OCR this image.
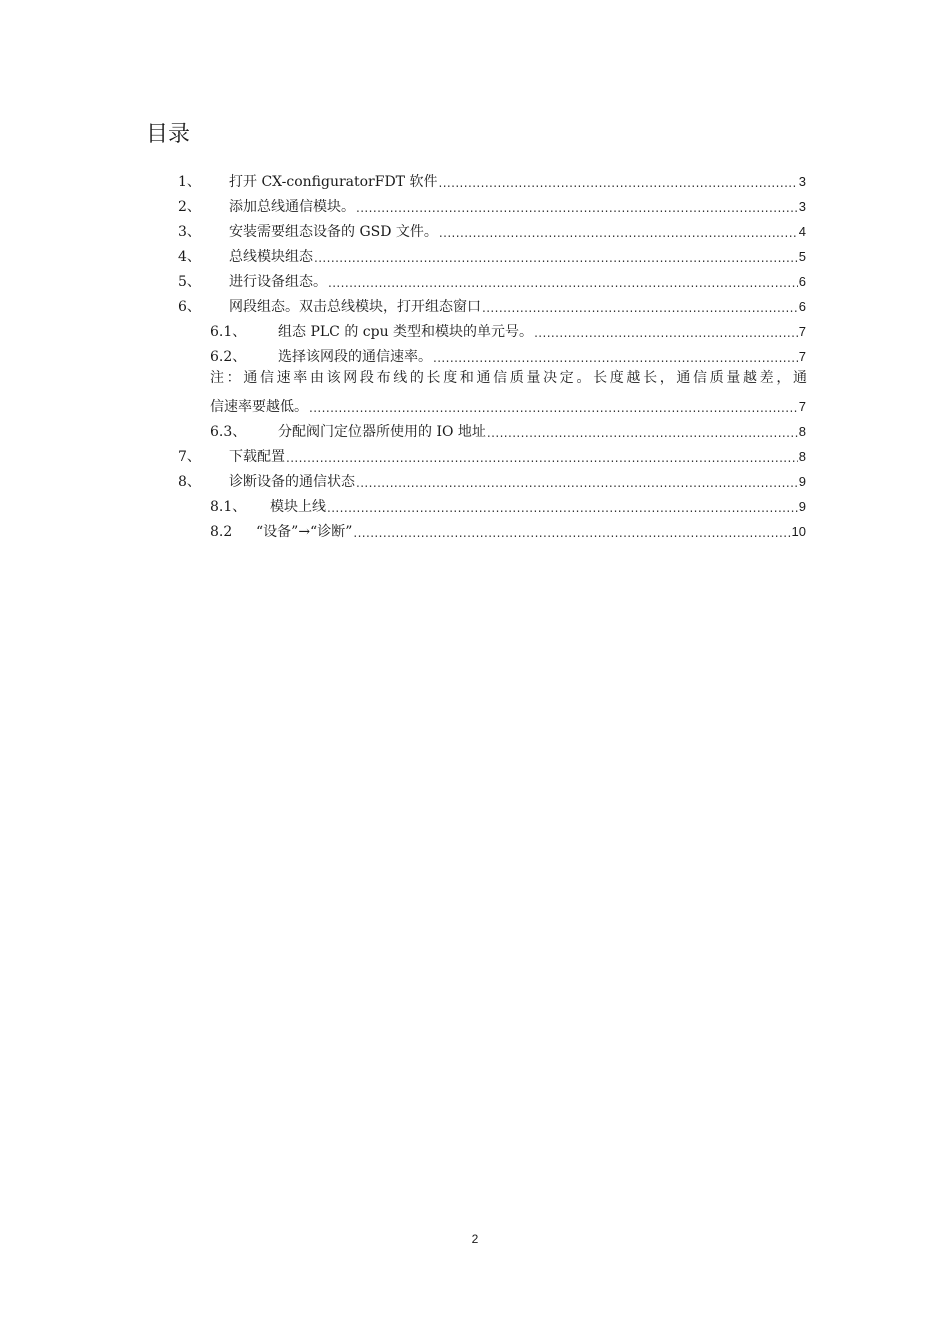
目录
1、	打开 CX-configuratorFDT 软件 .....	3
2、	添加总线通信模块。 .....	3
3、	安装需要组态设备的 GSD 文件。 .....	4
4、	总线模块组态 .....	5
5、	进行设备组态。 .....	6
6、	网段组态。双击总线模块，打开组态窗口 .....	6
6.1、	组态 PLC 的 cpu 类型和模块的单元号。 .....	7
6.2、	选择该网段的通信速率。 .....	7
注：通信速率由该网段布线的长度和通信质量决定。长度越长，通信质量越差，通
信速率要越低。 .....	7
6.3、	分配阀门定位器所使用的 IO 地址 .....	8
7、	下载配置 .....	8
8、	诊断设备的通信状态 .....	9
8.1、	模块上线 .....	9
8.2	“设备”→“诊断” .....	10
2
